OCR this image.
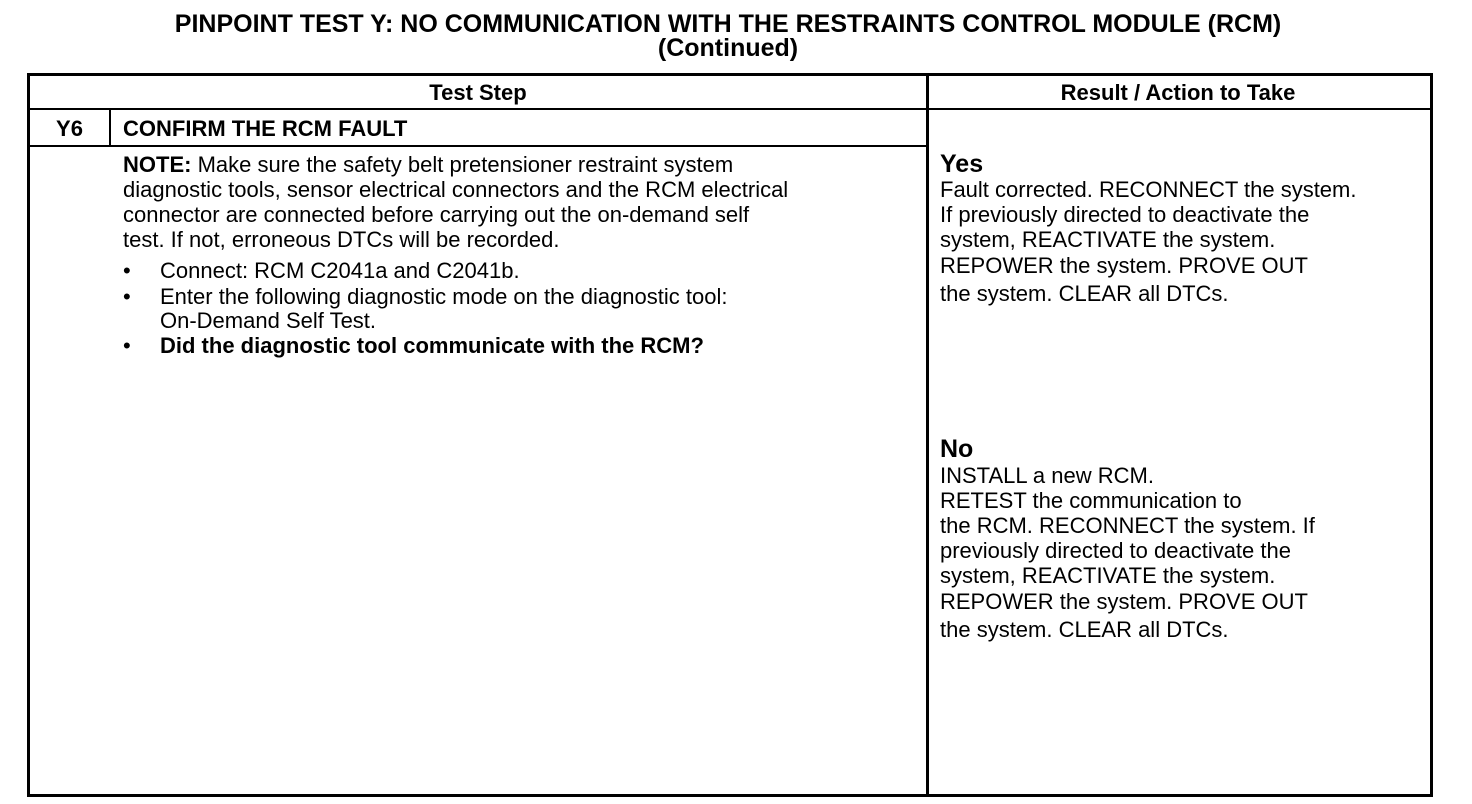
PINPOINT TEST Y: NO COMMUNICATION WITH THE RESTRAINTS CONTROL MODULE (RCM)
(Continued)
Test Step	Result / Action to Take
Y6	CONFIRM THE RCM FAULT
NOTE: Make sure the safety belt pretensioner restraint system
diagnostic tools, sensor electrical connectors and the RCM electrical
connector are connected before carrying out the on-demand self
test. If not, erroneous DTCs will be recorded.
• Connect: RCM C2041a and C2041b.
• Enter the following diagnostic mode on the diagnostic tool:
On-Demand Self Test.
• Did the diagnostic tool communicate with the RCM?
Yes
Fault corrected. RECONNECT the system.
If previously directed to deactivate the
system, REACTIVATE the system.
REPOWER the system. PROVE OUT
the system. CLEAR all DTCs.
No
INSTALL a new RCM.
RETEST the communication to
the RCM. RECONNECT the system. If
previously directed to deactivate the
system, REACTIVATE the system.
REPOWER the system. PROVE OUT
the system. CLEAR all DTCs.
